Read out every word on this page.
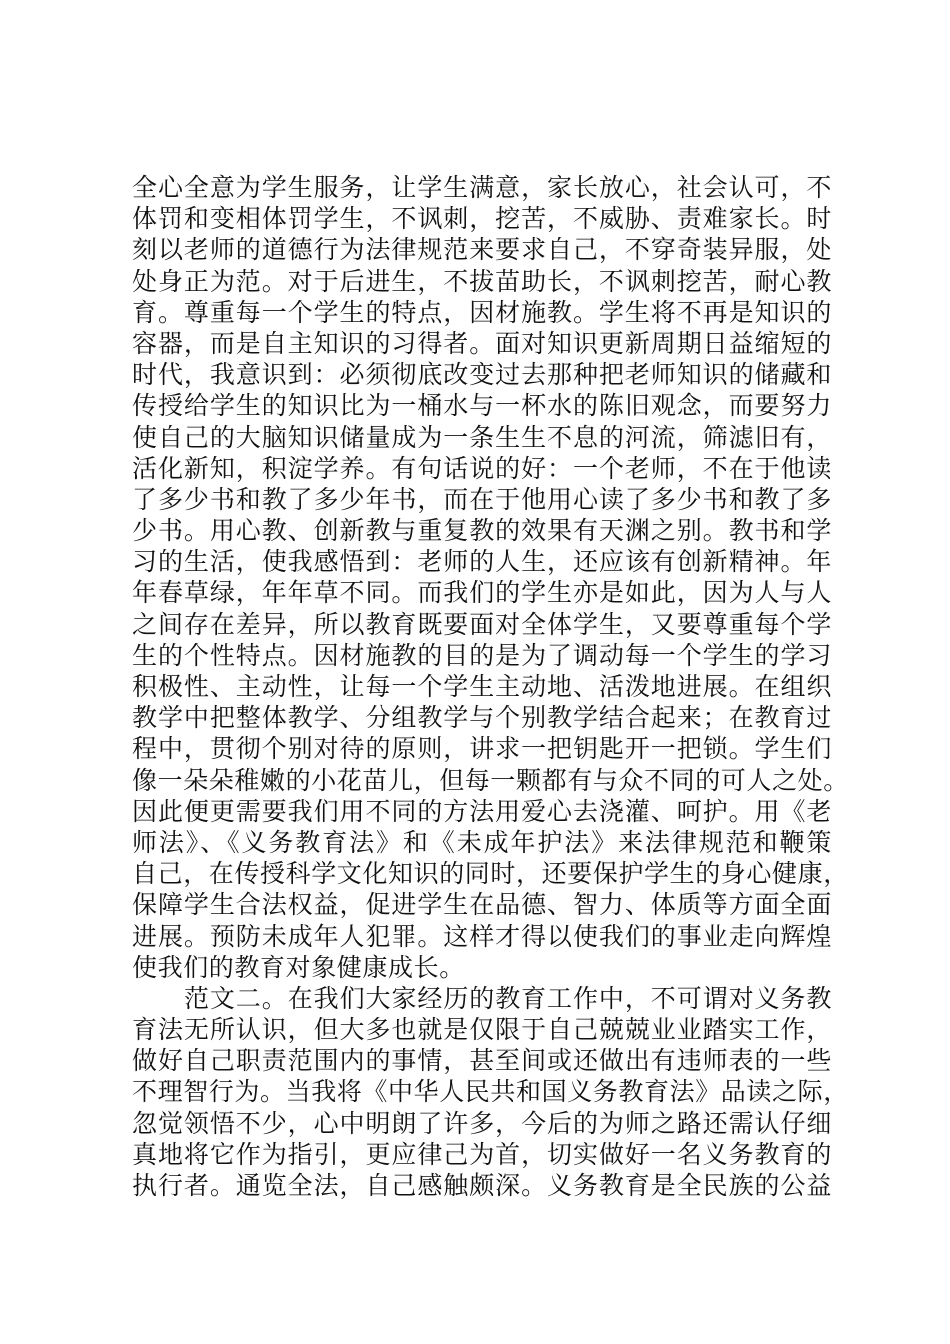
全心全意为学生服务，让学生满意，家长放心，社会认可，不
体罚和变相体罚学生，不讽刺，挖苦，不威胁、责难家长。时
刻以老师的道德行为法律规范来要求自己，不穿奇装异服，处
处身正为范。对于后进生，不拔苗助长，不讽刺挖苦，耐心教
育。尊重每一个学生的特点，因材施教。学生将不再是知识的
容器，而是自主知识的习得者。面对知识更新周期日益缩短的
时代，我意识到：必须彻底改变过去那种把老师知识的储藏和
传授给学生的知识比为一桶水与一杯水的陈旧观念，而要努力
使自己的大脑知识储量成为一条生生不息的河流，筛滤旧有，
活化新知，积淀学养。有句话说的好：一个老师，不在于他读
了多少书和教了多少年书，而在于他用心读了多少书和教了多
少书。用心教、创新教与重复教的效果有天渊之别。教书和学
习的生活，使我感悟到：老师的人生，还应该有创新精神。年
年春草绿，年年草不同。而我们的学生亦是如此，因为人与人
之间存在差异，所以教育既要面对全体学生，又要尊重每个学
生的个性特点。因材施教的目的是为了调动每一个学生的学习
积极性、主动性，让每一个学生主动地、活泼地进展。在组织
教学中把整体教学、分组教学与个别教学结合起来；在教育过
程中，贯彻个别对待的原则，讲求一把钥匙开一把锁。学生们
像一朵朵稚嫩的小花苗儿，但每一颗都有与众不同的可人之处。
因此便更需要我们用不同的方法用爱心去浇灌、呵护。用《老
师法》、《义务教育法》和《未成年护法》来法律规范和鞭策
自己，在传授科学文化知识的同时，还要保护学生的身心健康，
保障学生合法权益，促进学生在品德、智力、体质等方面全面
进展。预防未成年人犯罪。这样才得以使我们的事业走向辉煌
使我们的教育对象健康成长。
范文二。在我们大家经历的教育工作中，不可谓对义务教
育法无所认识，但大多也就是仅限于自己兢兢业业踏实工作，
做好自己职责范围内的事情，甚至间或还做出有违师表的一些
不理智行为。当我将《中华人民共和国义务教育法》品读之际，
忽觉领悟不少，心中明朗了许多，今后的为师之路还需认仔细
真地将它作为指引，更应律己为首，切实做好一名义务教育的
执行者。通览全法，自己感触颇深。义务教育是全民族的公益
